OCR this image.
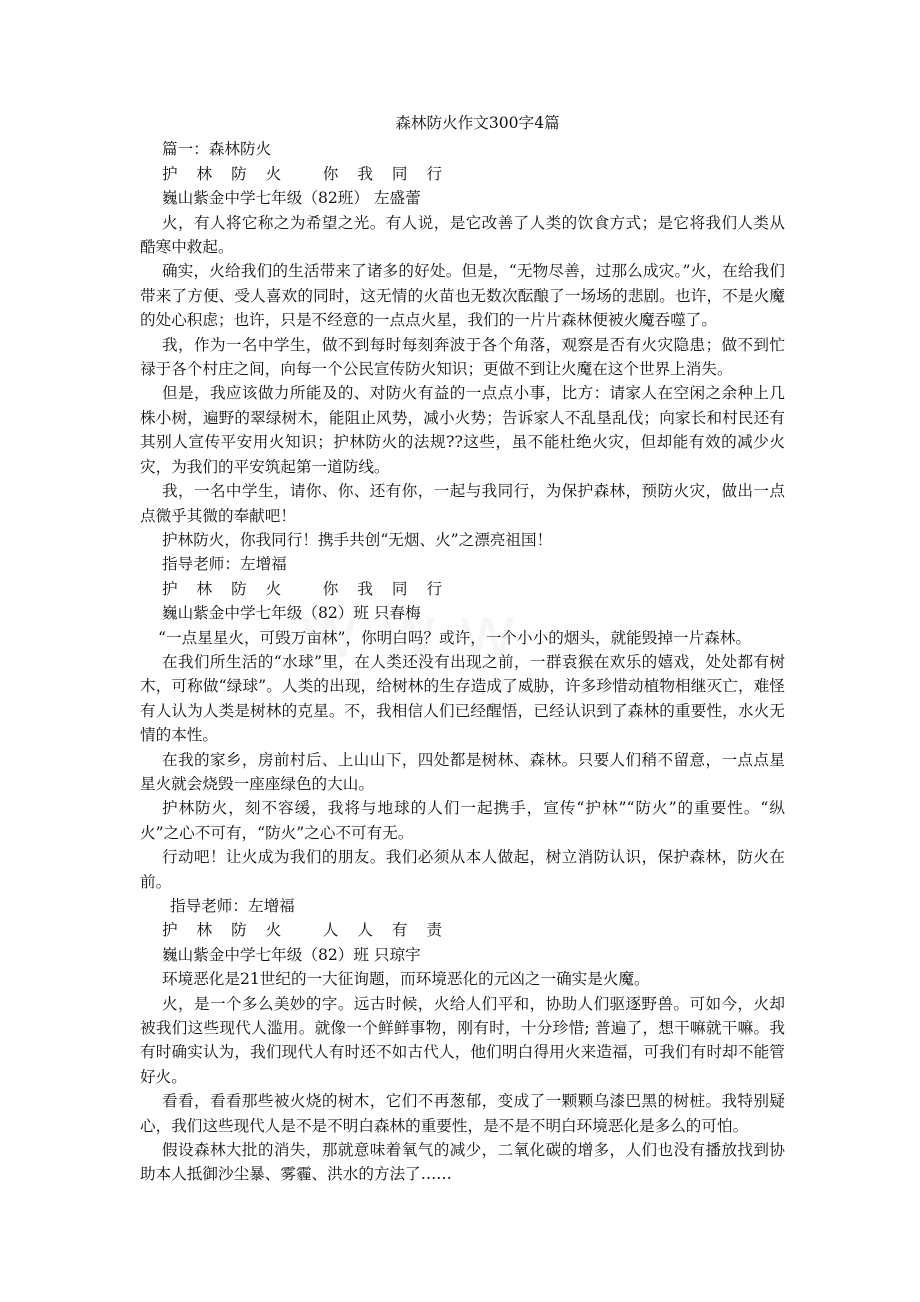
森林防火作文300字4篇
篇一：森林防火
护 林 防 火 　你 我 同 行
巍山紫金中学七年级（82班） 左盛蕾
火，有人将它称之为希望之光。有人说，是它改善了人类的饮食方式；是它将我们人类从酷寒中救起。
确实，火给我们的生活带来了诸多的好处。但是，“无物尽善，过那么成灾。”火，在给我们带来了方便、受人喜欢的同时，这无情的火苗也无数次酝酿了一场场的悲剧。也许，不是火魔的处心积虑；也许，只是不经意的一点点火星，我们的一片片森林便被火魔吞噬了。
我，作为一名中学生，做不到每时每刻奔波于各个角落，观察是否有火灾隐患；做不到忙禄于各个村庄之间，向每一个公民宣传防火知识；更做不到让火魔在这个世界上消失。
但是，我应该做力所能及的、对防火有益的一点点小事，比方：请家人在空闲之余种上几株小树，遍野的翠绿树木，能阻止风势，减小火势；告诉家人不乱垦乱伐；向家长和村民还有其别人宣传平安用火知识；护林防火的法规??这些，虽不能杜绝火灾，但却能有效的减少火灾，为我们的平安筑起第一道防线。
我，一名中学生，请你、你、还有你，一起与我同行，为保护森林，预防火灾，做出一点点微乎其微的奉献吧！
护林防火，你我同行！携手共创“无烟、火”之漂亮祖国！
指导老师：左增福
护 林 防 火 　你 我 同 行
巍山紫金中学七年级（82）班 只春梅
“一点星星火，可毁万亩林”，你明白吗？或许，一个小小的烟头，就能毁掉一片森林。
在我们所生活的“水球”里，在人类还没有出现之前，一群袁猴在欢乐的嬉戏，处处都有树木，可称做“绿球”。人类的出现，给树林的生存造成了威胁，许多珍惜动植物相继灭亡，难怪有人认为人类是树林的克星。不，我相信人们已经醒悟，已经认识到了森林的重要性，水火无情的本性。
在我的家乡，房前村后、上山山下，四处都是树林、森林。只要人们稍不留意，一点点星星火就会烧毁一座座绿色的大山。
护林防火，刻不容缓，我将与地球的人们一起携手，宣传“护林”“防火”的重要性。“纵火”之心不可有，“防火”之心不可有无。
行动吧！让火成为我们的朋友。我们必须从本人做起，树立消防认识，保护森林，防火在前。
指导老师：左增福
护 林 防 火 　人 人 有 责
巍山紫金中学七年级（82）班 只琼宇
环境恶化是21世纪的一大征询题，而环境恶化的元凶之一确实是火魔。
火，是一个多么美妙的字。远古时候，火给人们平和，协助人们驱逐野兽。可如今，火却被我们这些现代人滥用。就像一个鲜鲜事物，刚有时，十分珍惜; 普遍了，想干嘛就干嘛。我有时确实认为，我们现代人有时还不如古代人，他们明白得用火来造福，可我们有时却不能管好火。
看看，看看那些被火烧的树木，它们不再葱郁，变成了一颗颗乌漆巴黑的树桩。我特别疑心，我们这些现代人是不是不明白森林的重要性，是不是不明白环境恶化是多么的可怕。
假设森林大批的消失，那就意味着氧气的减少，二氧化碳的增多，人们也没有播放找到协助本人抵御沙尘暴、雾霾、洪水的方法了……
